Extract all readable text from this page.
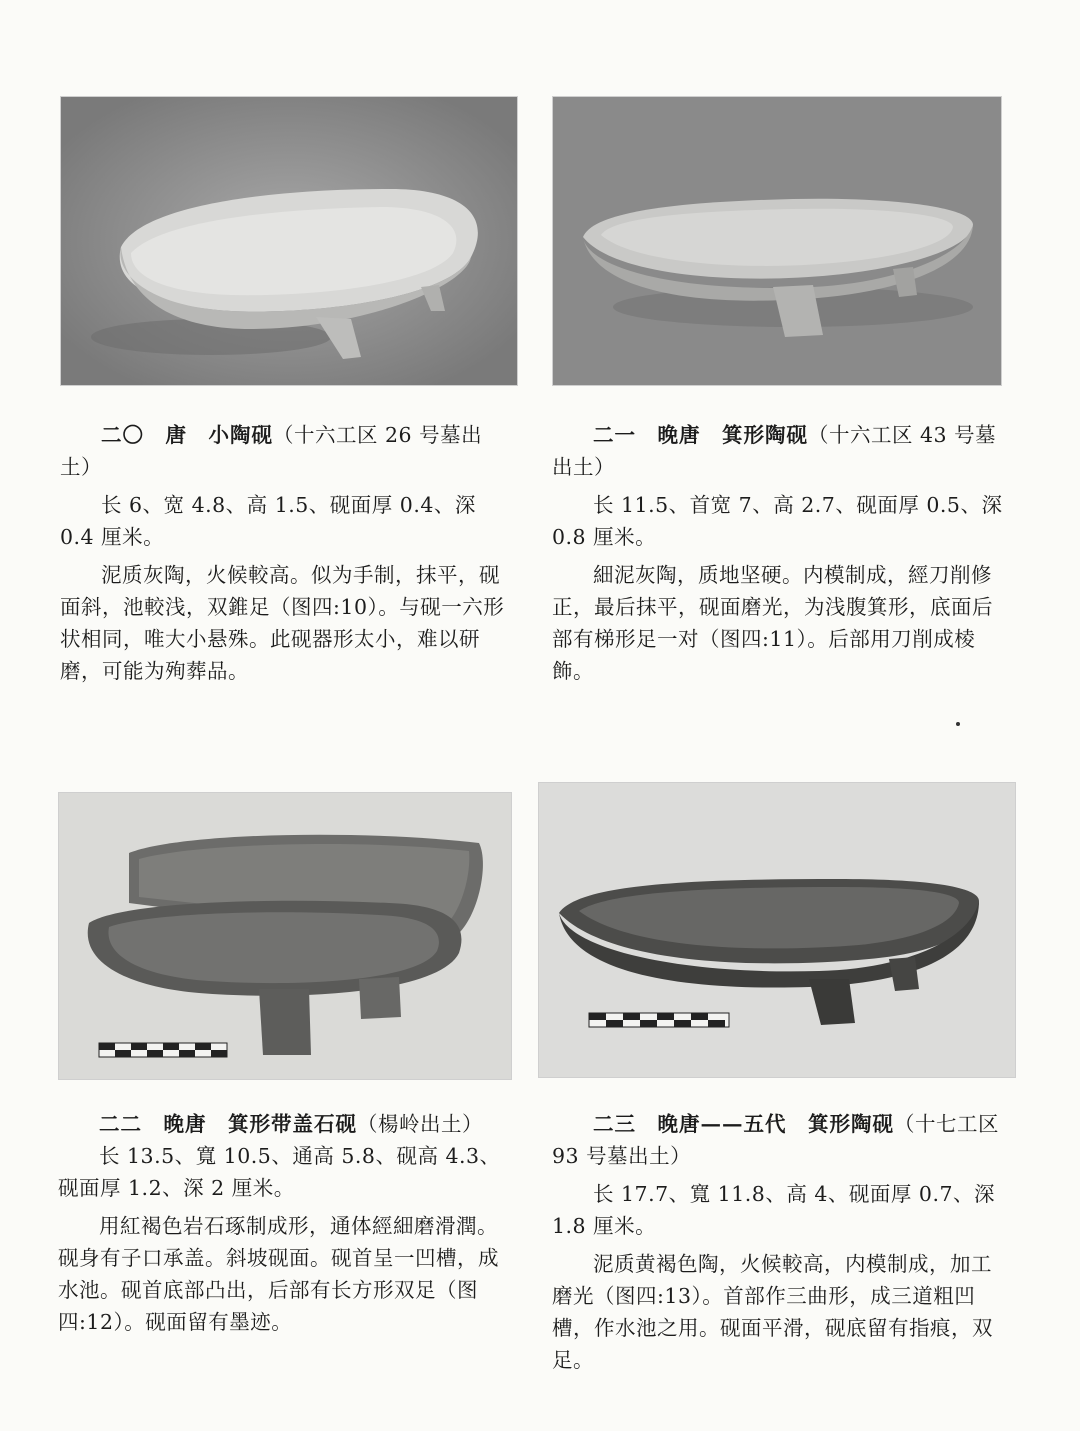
二〇　唐　小陶砚（十六工区 26 号墓出土）

长 6、宽 4.8、高 1.5、砚面厚 0.4、深 0.4 厘米。

泥质灰陶，火候較高。似为手制，抹平，砚面斜，池較浅，双錐足（图四:10）。与砚一六形状相同，唯大小悬殊。此砚器形太小，难以研磨，可能为殉葬品。

二一　晚唐　箕形陶砚（十六工区 43 号墓出土）

长 11.5、首宽 7、高 2.7、砚面厚 0.5、深 0.8 厘米。

細泥灰陶，质地坚硬。内模制成，經刀削修正，最后抹平，砚面磨光，为浅腹箕形，底面后部有梯形足一对（图四:11）。后部用刀削成棱飾。

二二　晚唐　箕形带盖石砚（楊岭出土）

长 13.5、寬 10.5、通高 5.8、砚高 4.3、砚面厚 1.2、深 2 厘米。

用紅褐色岩石琢制成形，通体經細磨滑潤。砚身有子口承盖。斜坡砚面。砚首呈一凹槽，成水池。砚首底部凸出，后部有长方形双足（图四:12）。砚面留有墨迹。

二三　晚唐——五代　箕形陶砚（十七工区 93 号墓出土）

长 17.7、寬 11.8、高 4、砚面厚 0.7、深 1.8 厘米。

泥质黄褐色陶，火候較高，内模制成，加工磨光（图四:13）。首部作三曲形，成三道粗凹槽，作水池之用。砚面平滑，砚底留有指痕，双足。
